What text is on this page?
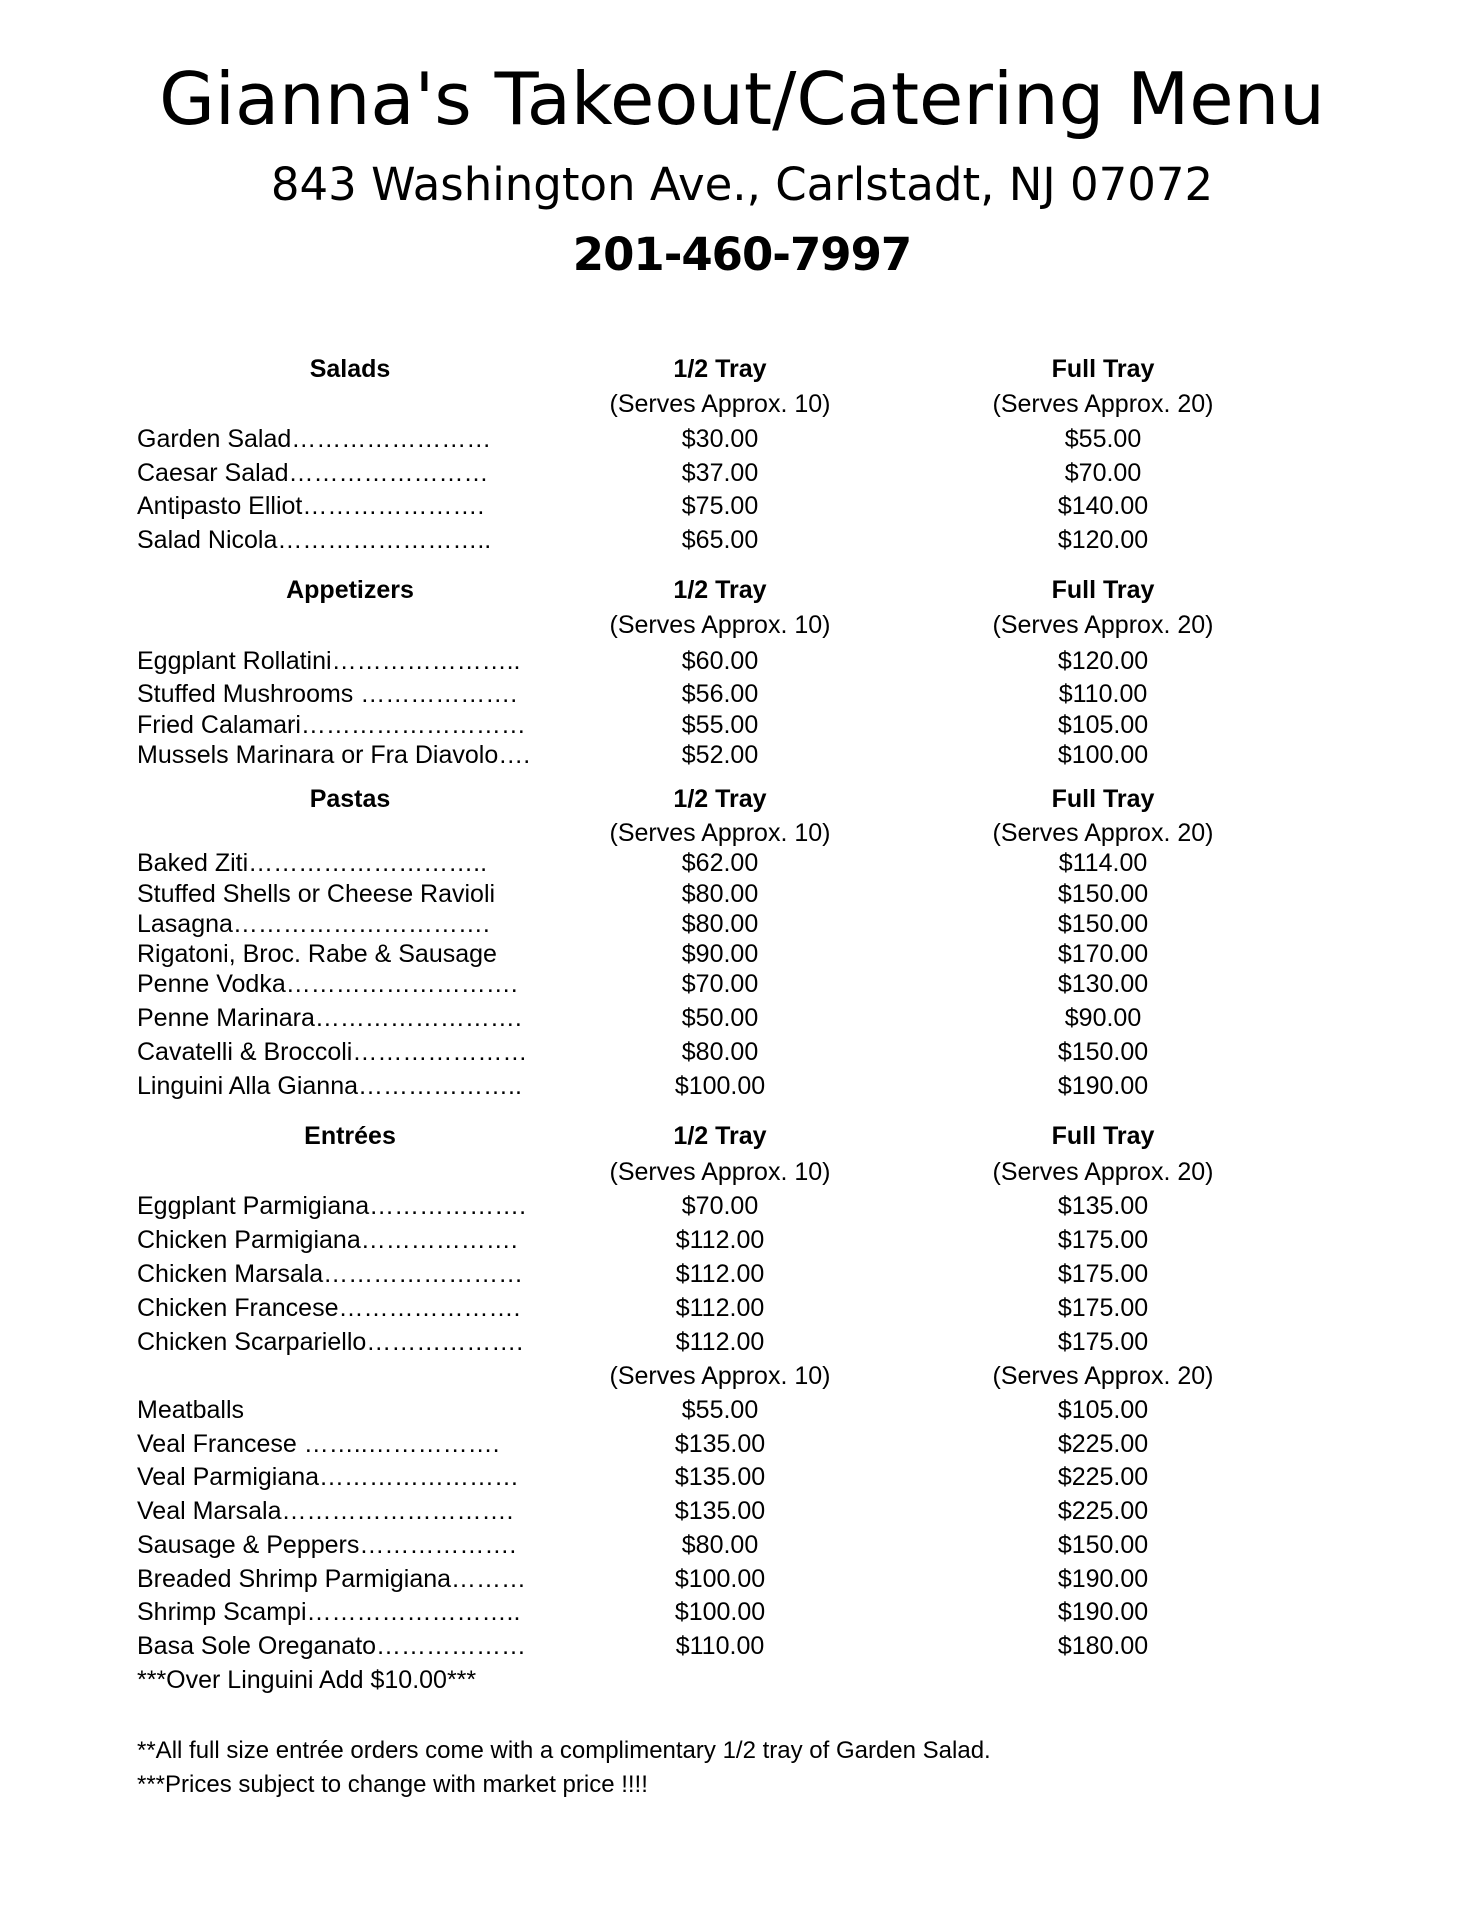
Gianna's Takeout/Catering Menu
843 Washington Ave., Carlstadt, NJ 07072
201-460-7997
Salads	1/2 Tray	Full Tray
(Serves Approx. 10)	(Serves Approx. 20)
Garden Salad……………………	$30.00	$55.00
Caesar Salad……………………	$37.00	$70.00
Antipasto Elliot………………….	$75.00	$140.00
Salad Nicola……………………..	$65.00	$120.00
Appetizers	1/2 Tray	Full Tray
(Serves Approx. 10)	(Serves Approx. 20)
Eggplant Rollatini…………………..	$60.00	$120.00
Stuffed Mushrooms ……………….	$56.00	$110.00
Fried Calamari………………………	$55.00	$105.00
Mussels Marinara or Fra Diavolo….	$52.00	$100.00
Pastas	1/2 Tray	Full Tray
(Serves Approx. 10)	(Serves Approx. 20)
Baked Ziti………………………..	$62.00	$114.00
Stuffed Shells or Cheese Ravioli	$80.00	$150.00
Lasagna………………………….	$80.00	$150.00
Rigatoni, Broc. Rabe & Sausage	$90.00	$170.00
Penne Vodka……………………….	$70.00	$130.00
Penne Marinara…………………….	$50.00	$90.00
Cavatelli & Broccoli…………………	$80.00	$150.00
Linguini Alla Gianna………………..	$100.00	$190.00
Entrées	1/2 Tray	Full Tray
(Serves Approx. 10)	(Serves Approx. 20)
Eggplant Parmigiana……………….	$70.00	$135.00
Chicken Parmigiana……………….	$112.00	$175.00
Chicken Marsala……………………	$112.00	$175.00
Chicken Francese………………….	$112.00	$175.00
Chicken Scarpariello……………….	$112.00	$175.00
(Serves Approx. 10)	(Serves Approx. 20)
Meatballs	$55.00	$105.00
Veal Francese ……..…………….	$135.00	$225.00
Veal Parmigiana……………………	$135.00	$225.00
Veal Marsala……………………….	$135.00	$225.00
Sausage & Peppers……………….	$80.00	$150.00
Breaded Shrimp Parmigiana………	$100.00	$190.00
Shrimp Scampi……………………..	$100.00	$190.00
Basa Sole Oreganato………………	$110.00	$180.00
***Over Linguini Add $10.00***
**All full size entrée orders come with a complimentary 1/2 tray of Garden Salad.
***Prices subject to change with market price !!!!
